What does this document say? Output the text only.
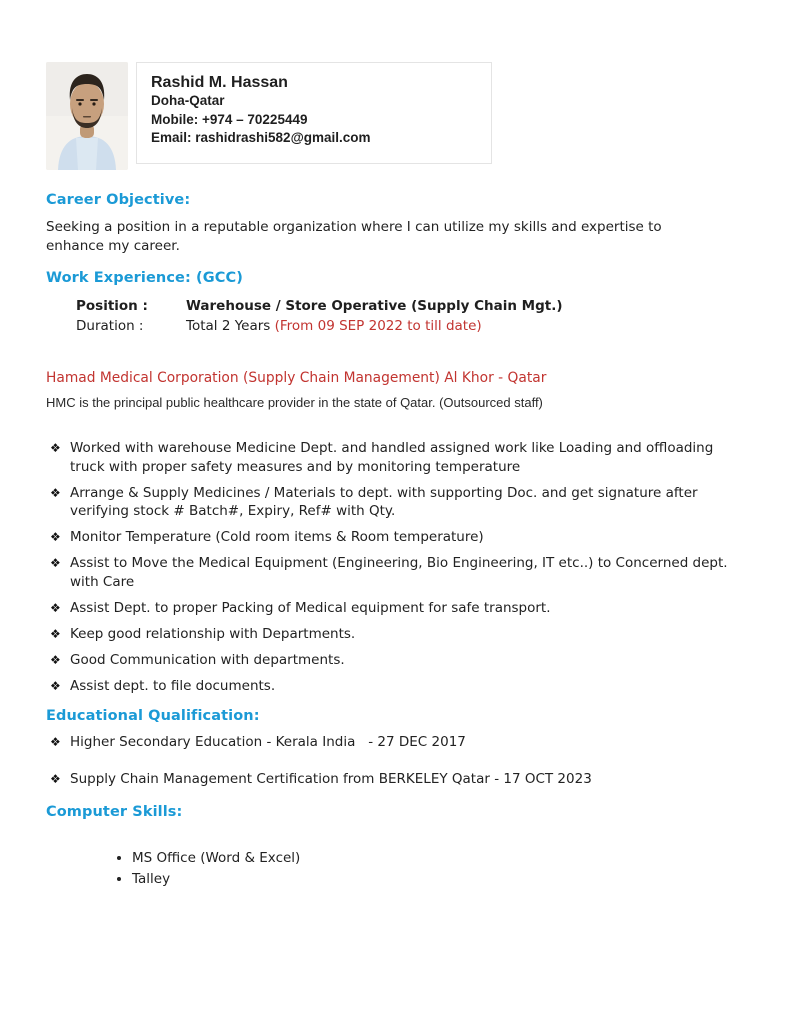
Rashid M. Hassan
Doha-Qatar
Mobile: +974 – 70225449
Email: rashidrashi582@gmail.com
Career Objective:
Seeking a position in a reputable organization where I can utilize my skills and expertise to enhance my career.
Work Experience: (GCC)
Position :	Warehouse / Store Operative (Supply Chain Mgt.)
Duration :	Total 2 Years (From 09 SEP 2022 to till date)
Hamad Medical Corporation (Supply Chain Management) Al Khor - Qatar
HMC is the principal public healthcare provider in the state of Qatar. (Outsourced staff)
❖ Worked with warehouse Medicine Dept. and handled assigned work like Loading and offloading truck with proper safety measures and by monitoring temperature
❖ Arrange & Supply Medicines / Materials to dept. with supporting Doc. and get signature after verifying stock # Batch#, Expiry, Ref# with Qty.
❖ Monitor Temperature (Cold room items & Room temperature)
❖ Assist to Move the Medical Equipment (Engineering, Bio Engineering, IT etc..) to Concerned dept. with Care
❖ Assist Dept. to proper Packing of Medical equipment for safe transport.
❖ Keep good relationship with Departments.
❖ Good Communication with departments.
❖ Assist dept. to file documents.
Educational Qualification:
❖ Higher Secondary Education - Kerala India   - 27 DEC 2017
❖ Supply Chain Management Certification from BERKELEY Qatar - 17 OCT 2023
Computer Skills:
• MS Office (Word & Excel)
• Talley
